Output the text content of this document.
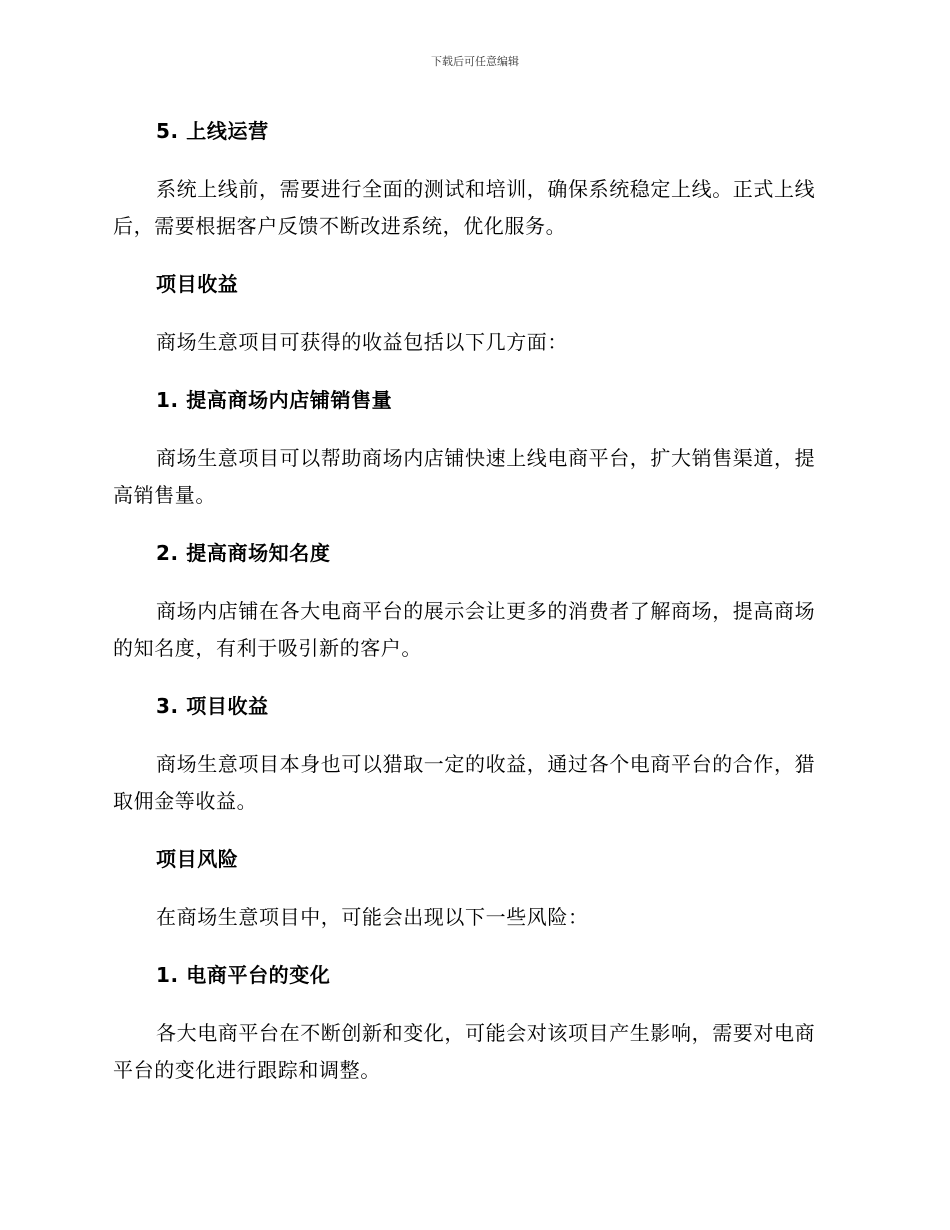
下载后可任意编辑
5. 上线运营
系统上线前，需要进行全面的测试和培训，确保系统稳定上线。正式上线后，需要根据客户反馈不断改进系统，优化服务。
项目收益
商场生意项目可获得的收益包括以下几方面：
1. 提高商场内店铺销售量
商场生意项目可以帮助商场内店铺快速上线电商平台，扩大销售渠道，提高销售量。
2. 提高商场知名度
商场内店铺在各大电商平台的展示会让更多的消费者了解商场，提高商场的知名度，有利于吸引新的客户。
3. 项目收益
商场生意项目本身也可以猎取一定的收益，通过各个电商平台的合作，猎取佣金等收益。
项目风险
在商场生意项目中，可能会出现以下一些风险：
1. 电商平台的变化
各大电商平台在不断创新和变化，可能会对该项目产生影响，需要对电商平台的变化进行跟踪和调整。
